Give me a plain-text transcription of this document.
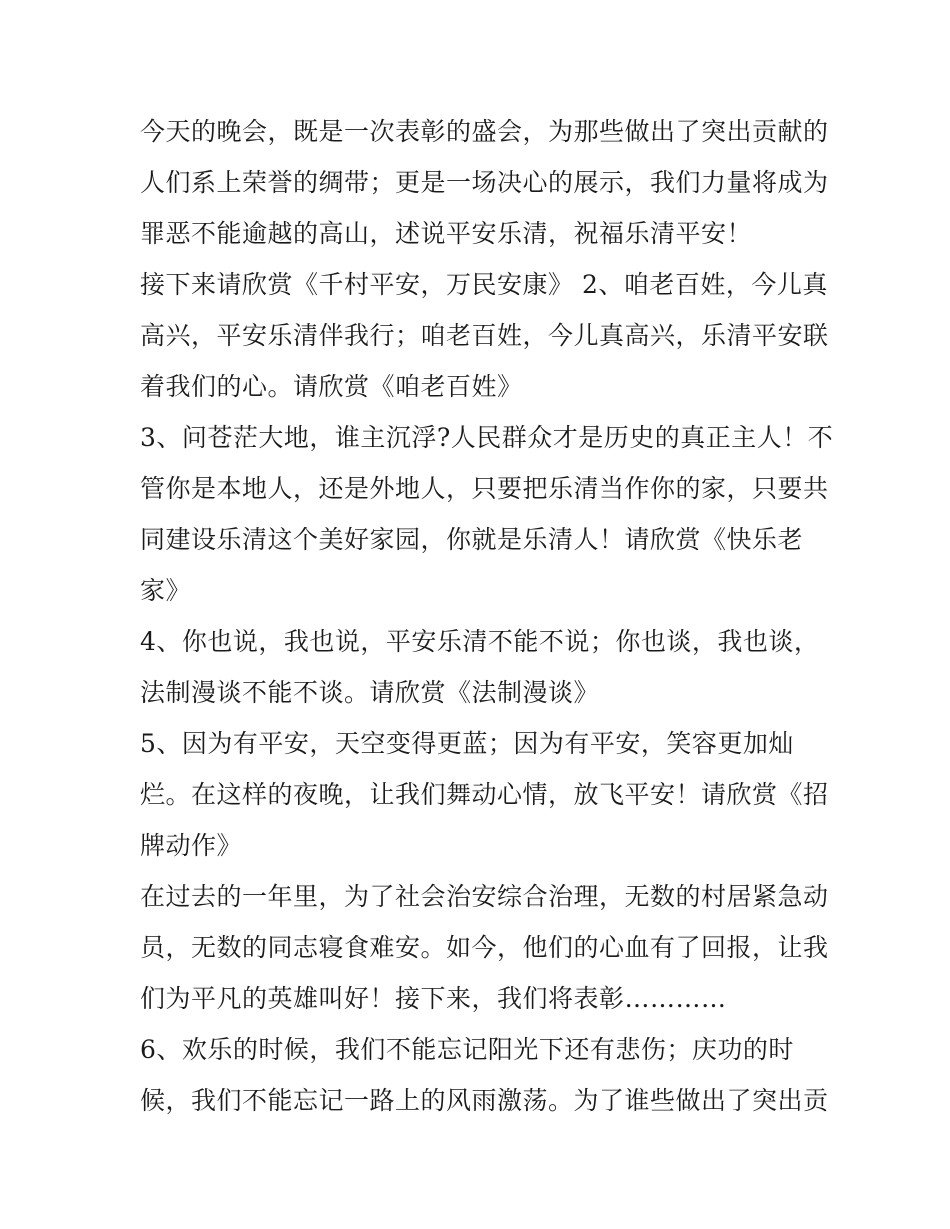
今天的晚会，既是一次表彰的盛会，为那些做出了突出贡献的
人们系上荣誉的绸带；更是一场决心的展示，我们力量将成为
罪恶不能逾越的高山，述说平安乐清，祝福乐清平安！
接下来请欣赏《千村平安，万民安康》 2、咱老百姓，今儿真
高兴，平安乐清伴我行；咱老百姓，今儿真高兴，乐清平安联
着我们的心。请欣赏《咱老百姓》
3、问苍茫大地，谁主沉浮?人民群众才是历史的真正主人！不
管你是本地人，还是外地人，只要把乐清当作你的家，只要共
同建设乐清这个美好家园，你就是乐清人！请欣赏《快乐老
家》
4、你也说，我也说，平安乐清不能不说；你也谈，我也谈，
法制漫谈不能不谈。请欣赏《法制漫谈》
5、因为有平安，天空变得更蓝；因为有平安，笑容更加灿
烂。在这样的夜晚，让我们舞动心情，放飞平安！请欣赏《招
牌动作》
在过去的一年里，为了社会治安综合治理，无数的村居紧急动
员，无数的同志寝食难安。如今，他们的心血有了回报，让我
们为平凡的英雄叫好！接下来，我们将表彰…………
6、欢乐的时候，我们不能忘记阳光下还有悲伤；庆功的时
候，我们不能忘记一路上的风雨激荡。为了谁些做出了突出贡
